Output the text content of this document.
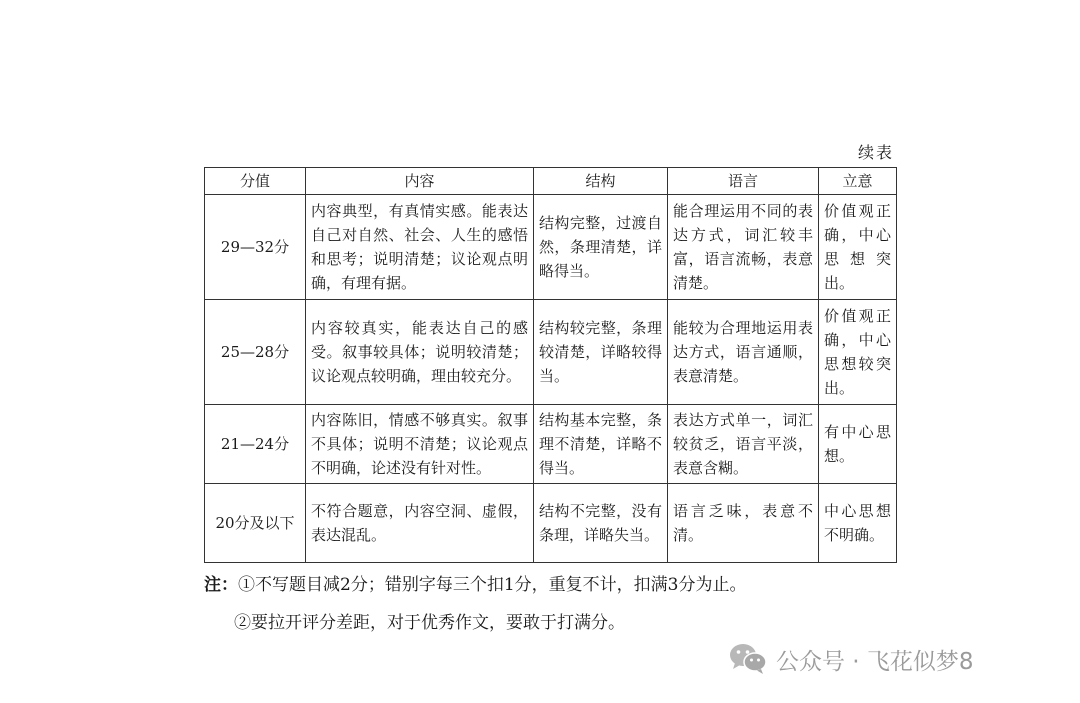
续表
分值	内容	结构	语言	立意
29—32分	内容典型，有真情实感。能表达自己对自然、社会、人生的感悟和思考；说明清楚；议论观点明确，有理有据。	结构完整，过渡自然，条理清楚，详略得当。	能合理运用不同的表达方式，词汇较丰富，语言流畅，表意清楚。	价值观正确，中心思想突出。
25—28分	内容较真实，能表达自己的感受。叙事较具体；说明较清楚；议论观点较明确，理由较充分。	结构较完整，条理较清楚，详略较得当。	能较为合理地运用表达方式，语言通顺，表意清楚。	价值观正确，中心思想较突出。
21—24分	内容陈旧，情感不够真实。叙事不具体；说明不清楚；议论观点不明确，论述没有针对性。	结构基本完整，条理不清楚，详略不得当。	表达方式单一，词汇较贫乏，语言平淡，表意含糊。	有中心思想。
20分及以下	不符合题意，内容空洞、虚假，表达混乱。	结构不完整，没有条理，详略失当。	语言乏味，表意不清。	中心思想不明确。
注：①不写题目减2分；错别字每三个扣1分，重复不计，扣满3分为止。
②要拉开评分差距，对于优秀作文，要敢于打满分。
公众号 · 飞花似梦8
